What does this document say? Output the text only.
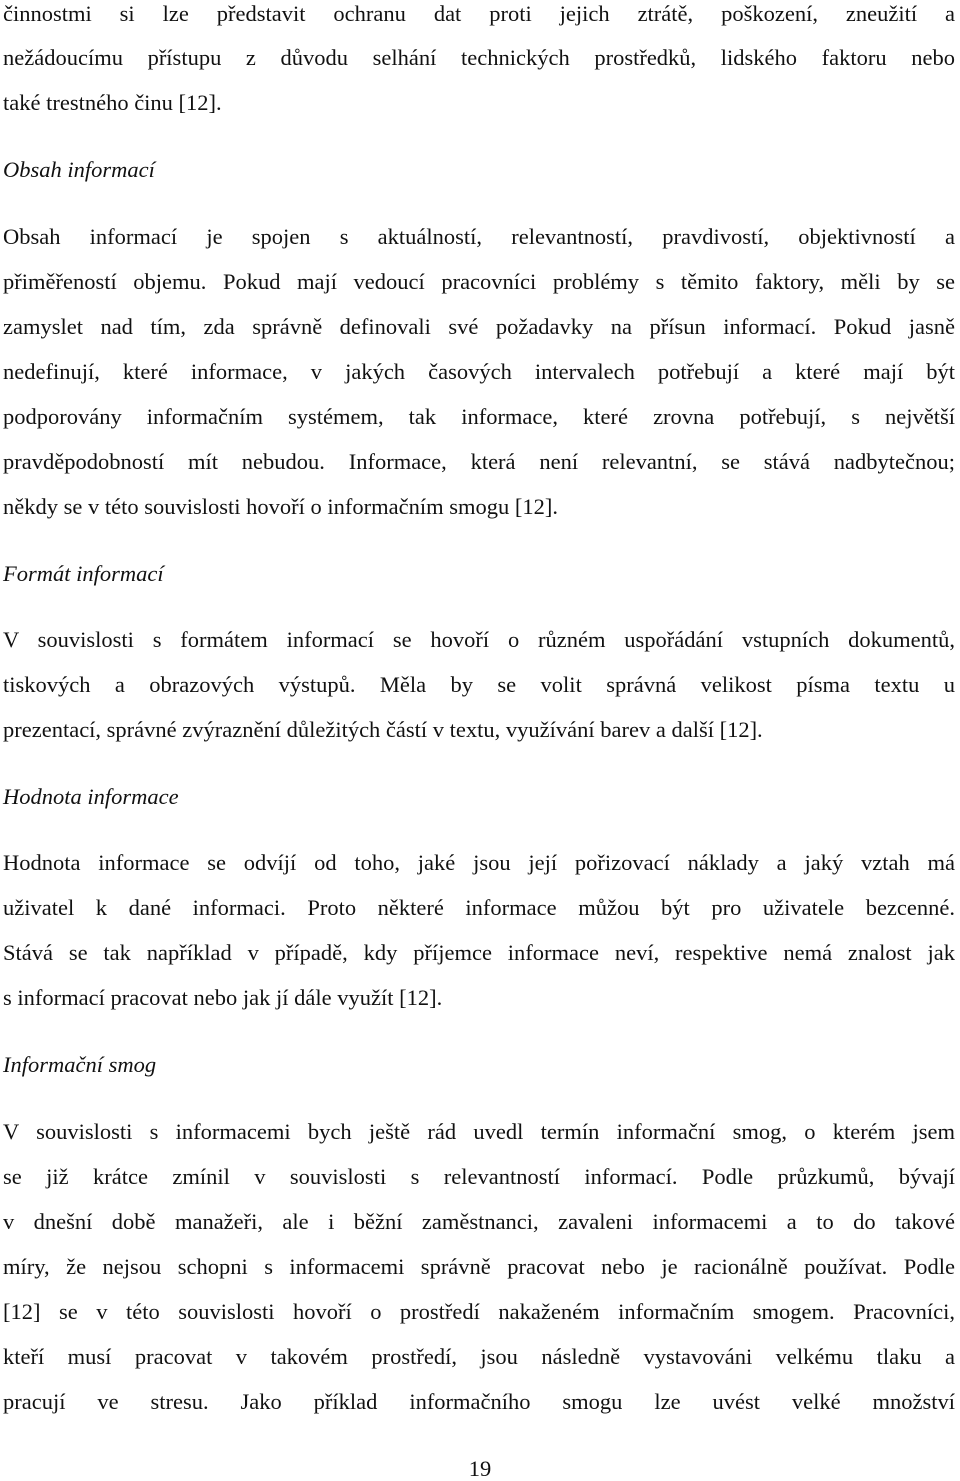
činnostmi si lze představit ochranu dat proti jejich ztrátě, poškození, zneužití a
nežádoucímu přístupu z důvodu selhání technických prostředků, lidského faktoru nebo
také trestného činu [12].
Obsah informací
Obsah informací je spojen s aktuálností, relevantností, pravdivostí, objektivností a
přiměřeností objemu. Pokud mají vedoucí pracovníci problémy s těmito faktory, měli by se
zamyslet nad tím, zda správně definovali své požadavky na přísun informací. Pokud jasně
nedefinují, které informace, v jakých časových intervalech potřebují a které mají být
podporovány informačním systémem, tak informace, které zrovna potřebují, s největší
pravděpodobností mít nebudou. Informace, která není relevantní, se stává nadbytečnou;
někdy se v této souvislosti hovoří o informačním smogu [12].
Formát informací
V souvislosti s formátem informací se hovoří o různém uspořádání vstupních dokumentů,
tiskových a obrazových výstupů. Měla by se volit správná velikost písma textu u
prezentací, správné zvýraznění důležitých částí v textu, využívání barev a další [12].
Hodnota informace
Hodnota informace se odvíjí od toho, jaké jsou její pořizovací náklady a jaký vztah má
uživatel k dané informaci. Proto některé informace můžou být pro uživatele bezcenné.
Stává se tak například v případě, kdy příjemce informace neví, respektive nemá znalost jak
s informací pracovat nebo jak jí dále využít [12].
Informační smog
V souvislosti s informacemi bych ještě rád uvedl termín informační smog, o kterém jsem
se již krátce zmínil v souvislosti s relevantností informací. Podle průzkumů, bývají
v dnešní době manažeři, ale i běžní zaměstnanci, zavaleni informacemi a to do takové
míry, že nejsou schopni s informacemi správně pracovat nebo je racionálně používat. Podle
[12] se v této souvislosti hovoří o prostředí nakaženém informačním smogem. Pracovníci,
kteří musí pracovat v takovém prostředí, jsou následně vystavováni velkému tlaku a
pracují ve stresu. Jako příklad informačního smogu lze uvést velké množství
19
